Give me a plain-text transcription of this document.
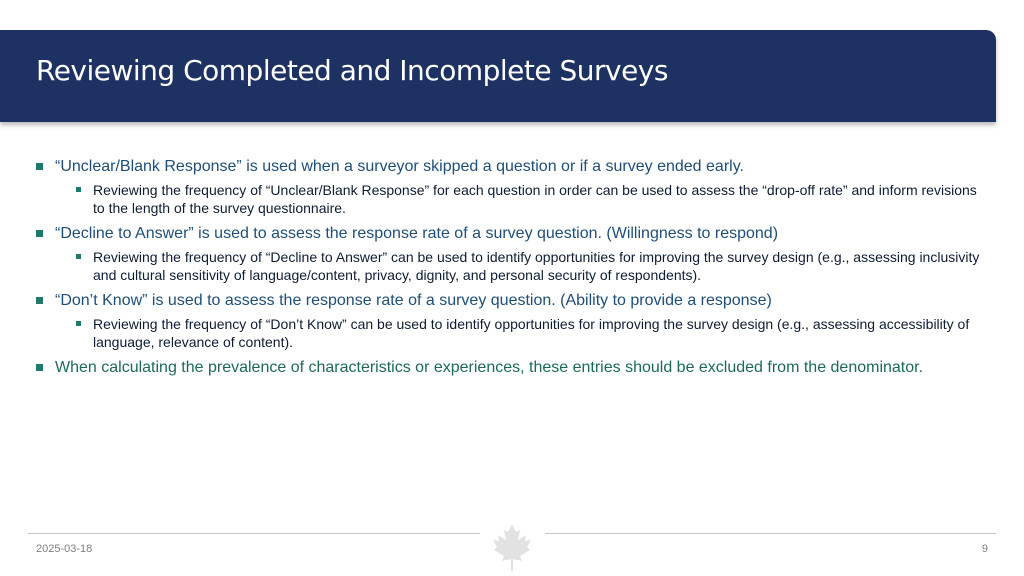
Reviewing Completed and Incomplete Surveys
“Unclear/Blank Response” is used when a surveyor skipped a question or if a survey ended early.
Reviewing the frequency of “Unclear/Blank Response” for each question in order can be used to assess the “drop-off rate” and inform revisions to the length of the survey questionnaire.
“Decline to Answer” is used to assess the response rate of a survey question. (Willingness to respond)
Reviewing the frequency of “Decline to Answer” can be used to identify opportunities for improving the survey design (e.g., assessing inclusivity and cultural sensitivity of language/content, privacy, dignity, and personal security of respondents).
“Don’t Know” is used to assess the response rate of a survey question. (Ability to provide a response)
Reviewing the frequency of “Don’t Know” can be used to identify opportunities for improving the survey design (e.g., assessing accessibility of language, relevance of content).
When calculating the prevalence of characteristics or experiences, these entries should be excluded from the denominator.
2025-03-18	9
